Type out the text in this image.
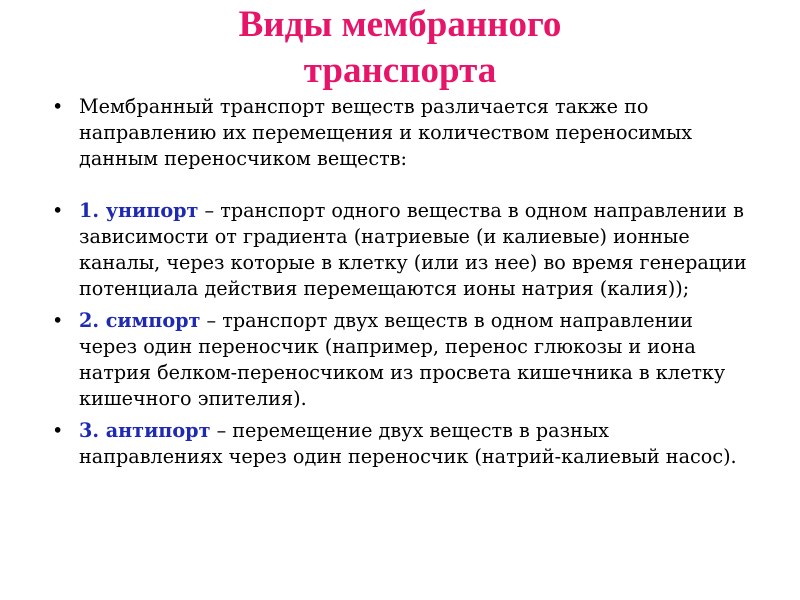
Виды мембранного
транспорта
• Мембранный транспорт веществ различается также по направлению их перемещения и количеством переносимых данным переносчиком веществ:
• 1. унипорт – транспорт одного вещества в одном направлении в зависимости от градиента (натриевые (и калиевые) ионные каналы, через которые в клетку (или из нее) во время генерации потенциала действия перемещаются ионы натрия (калия));
• 2. симпорт – транспорт двух веществ в одном направлении через один переносчик (например, перенос глюкозы и иона натрия белком-переносчиком из просвета кишечника в клетку кишечного эпителия).
• 3. антипорт – перемещение двух веществ в разных направлениях через один переносчик (натрий-калиевый насос).
